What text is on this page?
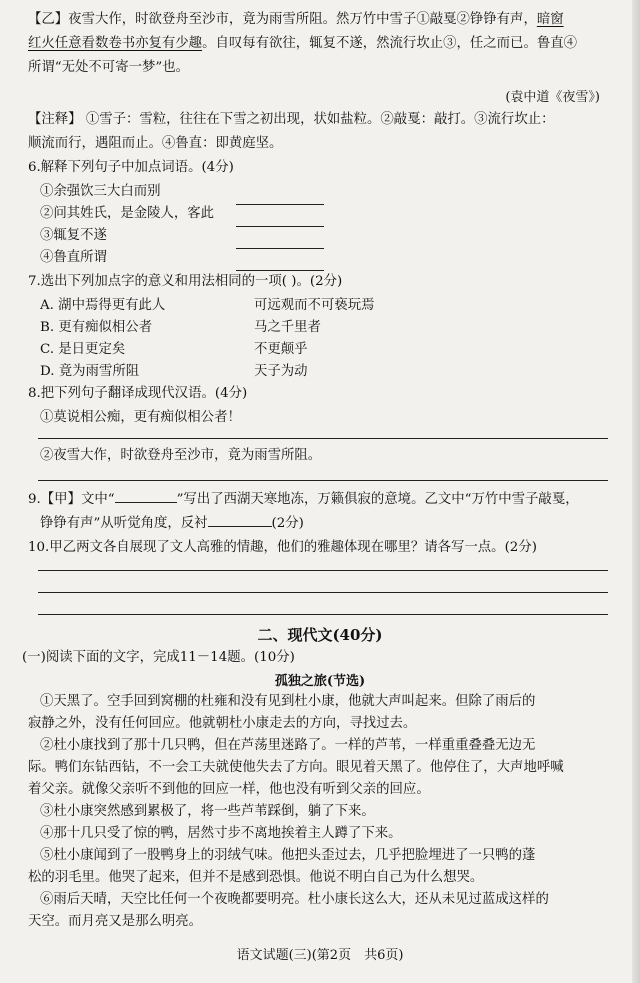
【乙】夜雪大作，时欲登舟至沙市，竟为雨雪所阻。然万竹中雪子①敲戛②铮铮有声，暗窗
红火任意看数卷书亦复有少趣。自叹每有欲往，辄复不遂，然流行坎止③，任之而已。鲁直④
所谓“无处不可寄一梦”也。
(袁中道《夜雪》)
【注释】 ①雪子：雪粒，往往在下雪之初出现，状如盐粒。②敲戛：敲打。③流行坎止：
顺流而行，遇阻而止。④鲁直：即黄庭坚。
6.解释下列句子中加点词语。(4分)
①余强饮三大白而别
②问其姓氏，是金陵人，客此
③辄复不遂
④鲁直所谓
7.选出下列加点字的意义和用法相同的一项( )。(2分)
A. 湖中焉得更有此人	可远观而不可亵玩焉
B. 更有痴似相公者	马之千里者
C. 是日更定矣	不更颠乎
D. 竟为雨雪所阻	天子为动
8.把下列句子翻译成现代汉语。(4分)
①莫说相公痴，更有痴似相公者！
②夜雪大作，时欲登舟至沙市，竟为雨雪所阻。
9.【甲】文中“	”写出了西湖天寒地冻，万籁俱寂的意境。乙文中“万竹中雪子敲戛，
铮铮有声”从听觉角度，反衬	(2分)
10.甲乙两文各自展现了文人高雅的情趣，他们的雅趣体现在哪里？请各写一点。(2分)
二、现代文(40分)
(一)阅读下面的文字，完成11－14题。(10分)
孤独之旅(节选)
①天黑了。空手回到窝棚的杜雍和没有见到杜小康，他就大声叫起来。但除了雨后的
寂静之外，没有任何回应。他就朝杜小康走去的方向，寻找过去。
②杜小康找到了那十几只鸭，但在芦荡里迷路了。一样的芦苇，一样重重叠叠无边无
际。鸭们东钻西钻，不一会工夫就使他失去了方向。眼见着天黑了。他停住了，大声地呼喊
着父亲。就像父亲听不到他的回应一样，他也没有听到父亲的回应。
③杜小康突然感到累极了，将一些芦苇踩倒，躺了下来。
④那十几只受了惊的鸭，居然寸步不离地挨着主人蹲了下来。
⑤杜小康闻到了一股鸭身上的羽绒气味。他把头歪过去，几乎把脸埋进了一只鸭的蓬
松的羽毛里。他哭了起来，但并不是感到恐惧。他说不明白自己为什么想哭。
⑥雨后天晴，天空比任何一个夜晚都要明亮。杜小康长这么大，还从未见过蓝成这样的
天空。而月亮又是那么明亮。
语文试题(三)(第2页　共6页)
